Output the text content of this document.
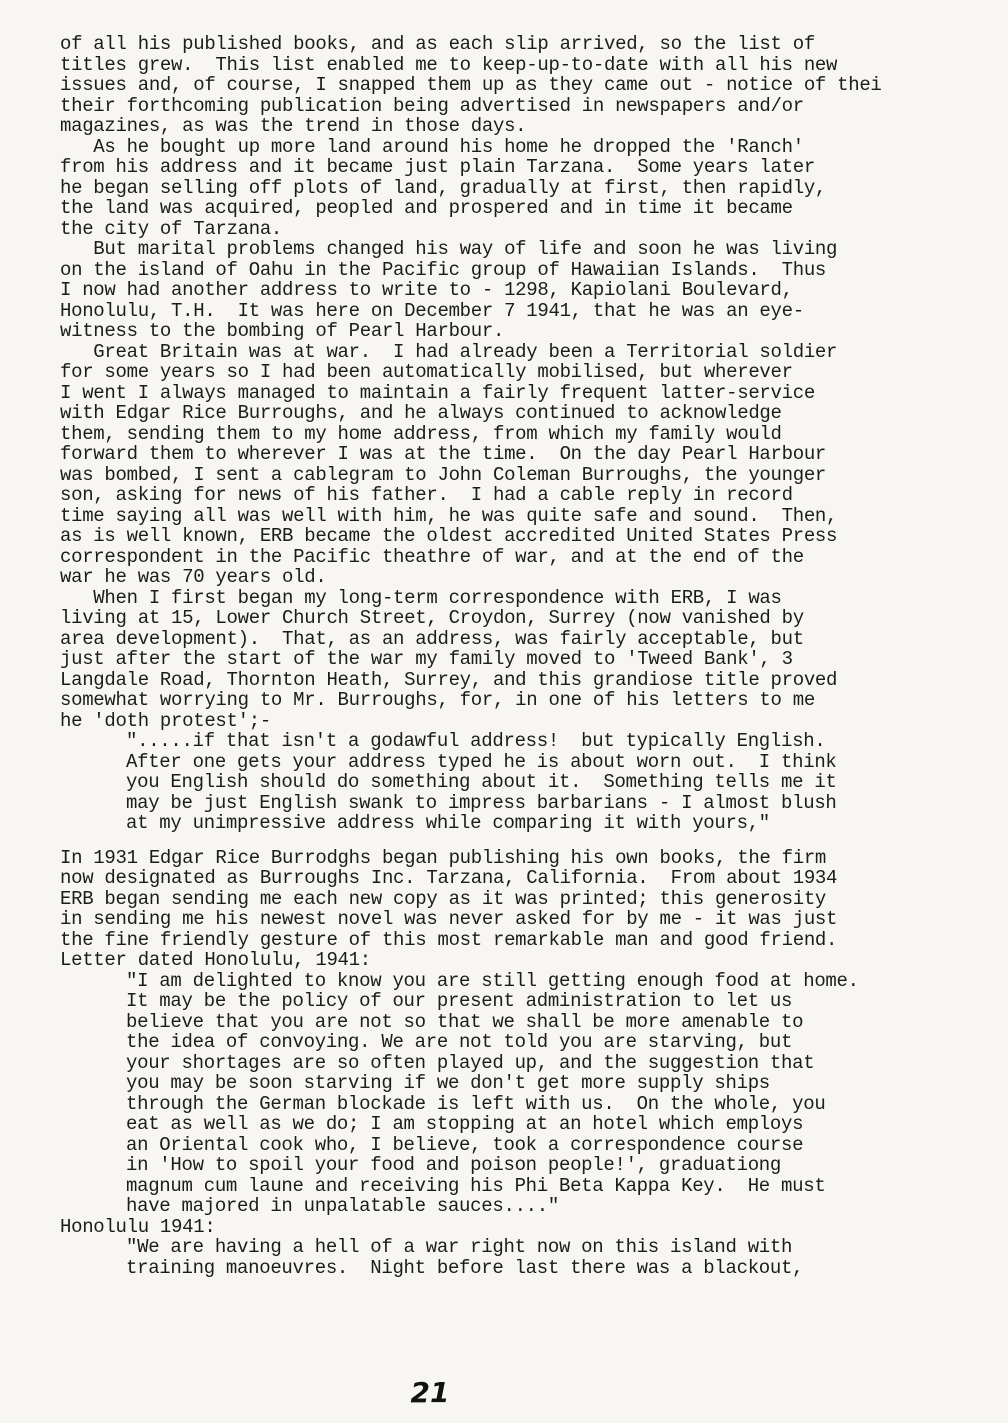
of all his published books, and as each slip arrived, so the list of
titles grew.  This list enabled me to keep-up-to-date with all his new
issues and, of course, I snapped them up as they came out - notice of thei
their forthcoming publication being advertised in newspapers and/or
magazines, as was the trend in those days.
As he bought up more land around his home he dropped the 'Ranch'
from his address and it became just plain Tarzana.  Some years later
he began selling off plots of land, gradually at first, then rapidly,
the land was acquired, peopled and prospered and in time it became
the city of Tarzana.
But marital problems changed his way of life and soon he was living
on the island of Oahu in the Pacific group of Hawaiian Islands.  Thus
I now had another address to write to - 1298, Kapiolani Boulevard,
Honolulu, T.H.  It was here on December 7 1941, that he was an eye-
witness to the bombing of Pearl Harbour.
Great Britain was at war.  I had already been a Territorial soldier
for some years so I had been automatically mobilised, but wherever
I went I always managed to maintain a fairly frequent latter-service
with Edgar Rice Burroughs, and he always continued to acknowledge
them, sending them to my home address, from which my family would
forward them to wherever I was at the time.  On the day Pearl Harbour
was bombed, I sent a cablegram to John Coleman Burroughs, the younger
son, asking for news of his father.  I had a cable reply in record
time saying all was well with him, he was quite safe and sound.  Then,
as is well known, ERB became the oldest accredited United States Press
correspondent in the Pacific theathre of war, and at the end of the
war he was 70 years old.
When I first began my long-term correspondence with ERB, I was
living at 15, Lower Church Street, Croydon, Surrey (now vanished by
area development).  That, as an address, was fairly acceptable, but
just after the start of the war my family moved to 'Tweed Bank', 3
Langdale Road, Thornton Heath, Surrey, and this grandiose title proved
somewhat worrying to Mr. Burroughs, for, in one of his letters to me
he 'doth protest';-
".....if that isn't a godawful address!  but typically English.
After one gets your address typed he is about worn out.  I think
you English should do something about it.  Something tells me it
may be just English swank to impress barbarians - I almost blush
at my unimpressive address while comparing it with yours,"
In 1931 Edgar Rice Burrodghs began publishing his own books, the firm
now designated as Burroughs Inc. Tarzana, California.  From about 1934
ERB began sending me each new copy as it was printed; this generosity
in sending me his newest novel was never asked for by me - it was just
the fine friendly gesture of this most remarkable man and good friend.
Letter dated Honolulu, 1941:
"I am delighted to know you are still getting enough food at home.
It may be the policy of our present administration to let us
believe that you are not so that we shall be more amenable to
the idea of convoying. We are not told you are starving, but
your shortages are so often played up, and the suggestion that
you may be soon starving if we don't get more supply ships
through the German blockade is left with us.  On the whole, you
eat as well as we do; I am stopping at an hotel which employs
an Oriental cook who, I believe, took a correspondence course
in 'How to spoil your food and poison people!', graduationg
magnum cum laune and receiving his Phi Beta Kappa Key.  He must
have majored in unpalatable sauces...."
Honolulu 1941:
"We are having a hell of a war right now on this island with
training manoeuvres.  Night before last there was a blackout,
21
